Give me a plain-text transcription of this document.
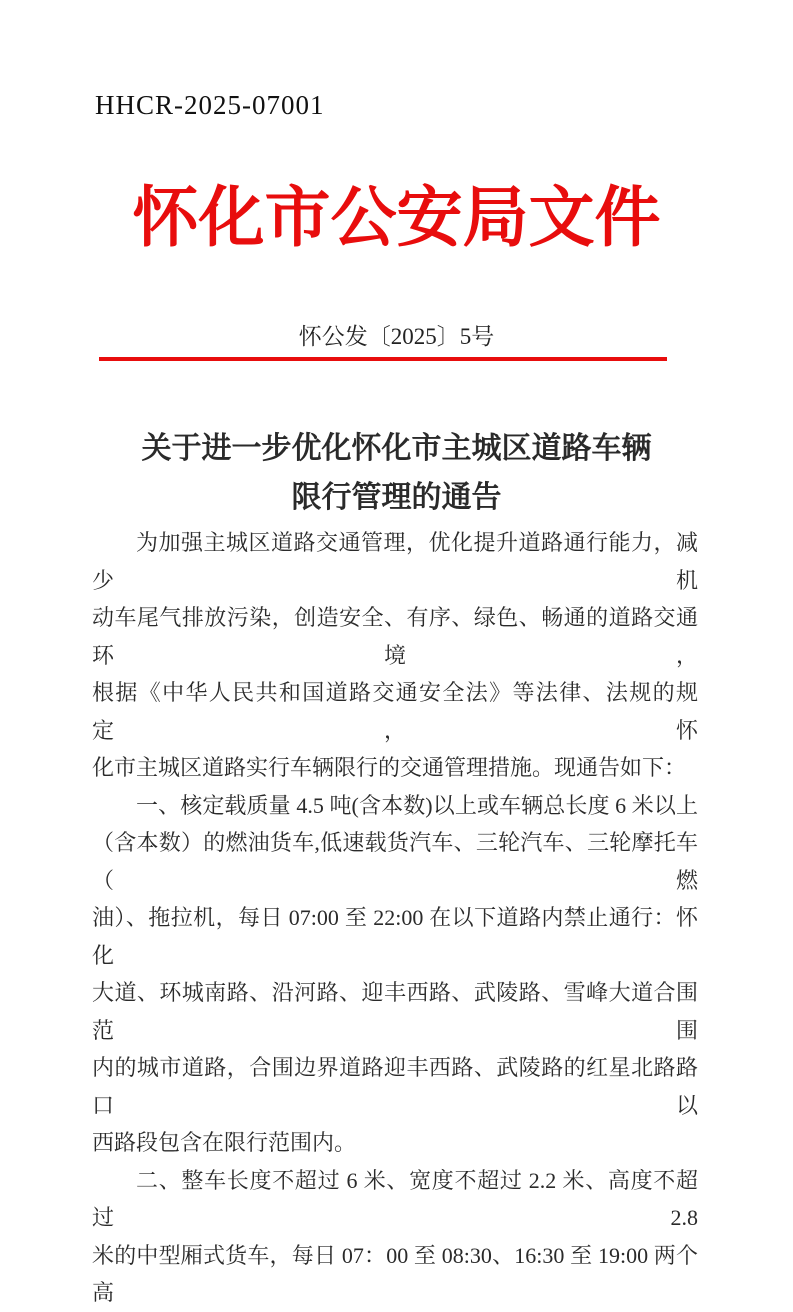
HHCR-2025-07001
怀化市公安局文件
怀公发〔2025〕5号
关于进一步优化怀化市主城区道路车辆
限行管理的通告
为加强主城区道路交通管理，优化提升道路通行能力，减少机
动车尾气排放污染，创造安全、有序、绿色、畅通的道路交通环境，
根据《中华人民共和国道路交通安全法》等法律、法规的规定，怀
化市主城区道路实行车辆限行的交通管理措施。现通告如下：
一、核定载质量 4.5 吨(含本数)以上或车辆总长度 6 米以上
（含本数）的燃油货车,低速载货汽车、三轮汽车、三轮摩托车（燃
油）、拖拉机，每日 07:00 至 22:00 在以下道路内禁止通行：怀化
大道、环城南路、沿河路、迎丰西路、武陵路、雪峰大道合围范围
内的城市道路，合围边界道路迎丰西路、武陵路的红星北路路口以
西路段包含在限行范围内。
二、整车长度不超过 6 米、宽度不超过 2.2 米、高度不超过 2.8
米的中型厢式货车，每日 07：00 至 08:30、16:30 至 19:00 两个高
